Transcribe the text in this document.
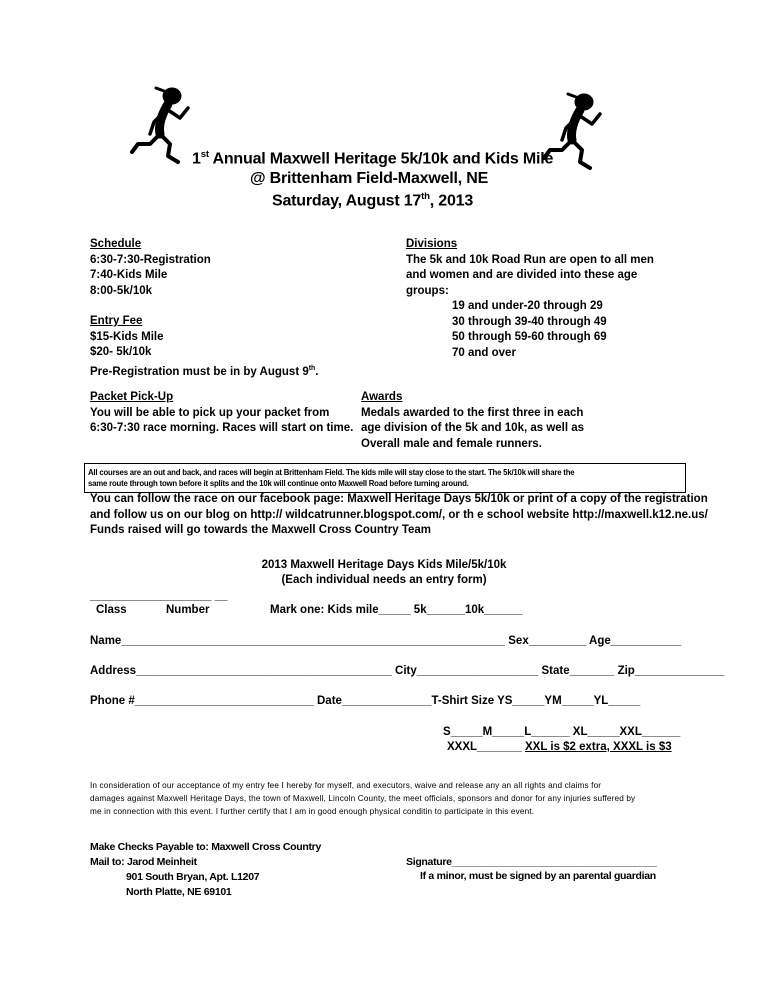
1st Annual Maxwell Heritage 5k/10k and Kids Mile
@ Brittenham Field-Maxwell, NE
Saturday, August 17th, 2013
Schedule
6:30-7:30-Registration
7:40-Kids Mile
8:00-5k/10k
Entry Fee
$15-Kids Mile
$20- 5k/10k
Pre-Registration must be in by August 9th.
Divisions
The 5k and 10k Road Run are open to all men
and women and are divided into these age
groups:
19 and under-20 through 29
30 through 39-40 through 49
50 through 59-60 through 69
70 and over
Packet Pick-Up
You will be able to pick up your packet from
6:30-7:30 race morning. Races will start on time.
Awards
Medals awarded to the first three in each
age division of the 5k and 10k, as well as
Overall male and female runners.
All courses are an out and back, and races will begin at Brittenham Field. The kids mile will stay close to the start. The 5k/10k will share the
same route through town before it splits and the 10k will continue onto Maxwell Road before turning around.
You can follow the race on our facebook page: Maxwell Heritage Days 5k/10k or print of a copy of the registration
and follow us on our blog on http:// wildcatrunner.blogspot.com/, or th e school website http://maxwell.k12.ne.us/
Funds raised will go towards the Maxwell Cross Country Team
2013 Maxwell Heritage Days Kids Mile/5k/10k
(Each individual needs an entry form)
___________________ __
Class	Number	Mark one: Kids mile_____ 5k______10k______
Name____________________________________________________________ Sex_________ Age___________
Address________________________________________ City___________________ State_______ Zip______________
Phone #____________________________ Date______________T-Shirt Size YS_____YM_____YL_____
S_____M_____L______ XL_____XXL______
XXXL_______ XXL is $2 extra, XXXL is $3
In consideration of our acceptance of my entry fee I hereby for myself, and executors, waive and release any an all rights and claims for
damages against Maxwell Heritage Days, the town of Maxwell, Lincoln County, the meet officials, sponsors and donor for any injuries suffered by
me in connection with this event. I further certify that I am in good enough physical conditin to participate in this event.
Make Checks Payable to: Maxwell Cross Country
Mail to: Jarod Meinheit
901 South Bryan, Apt. L1207
North Platte, NE 69101
Signature_____________________________________
If a minor, must be signed by an parental guardian
